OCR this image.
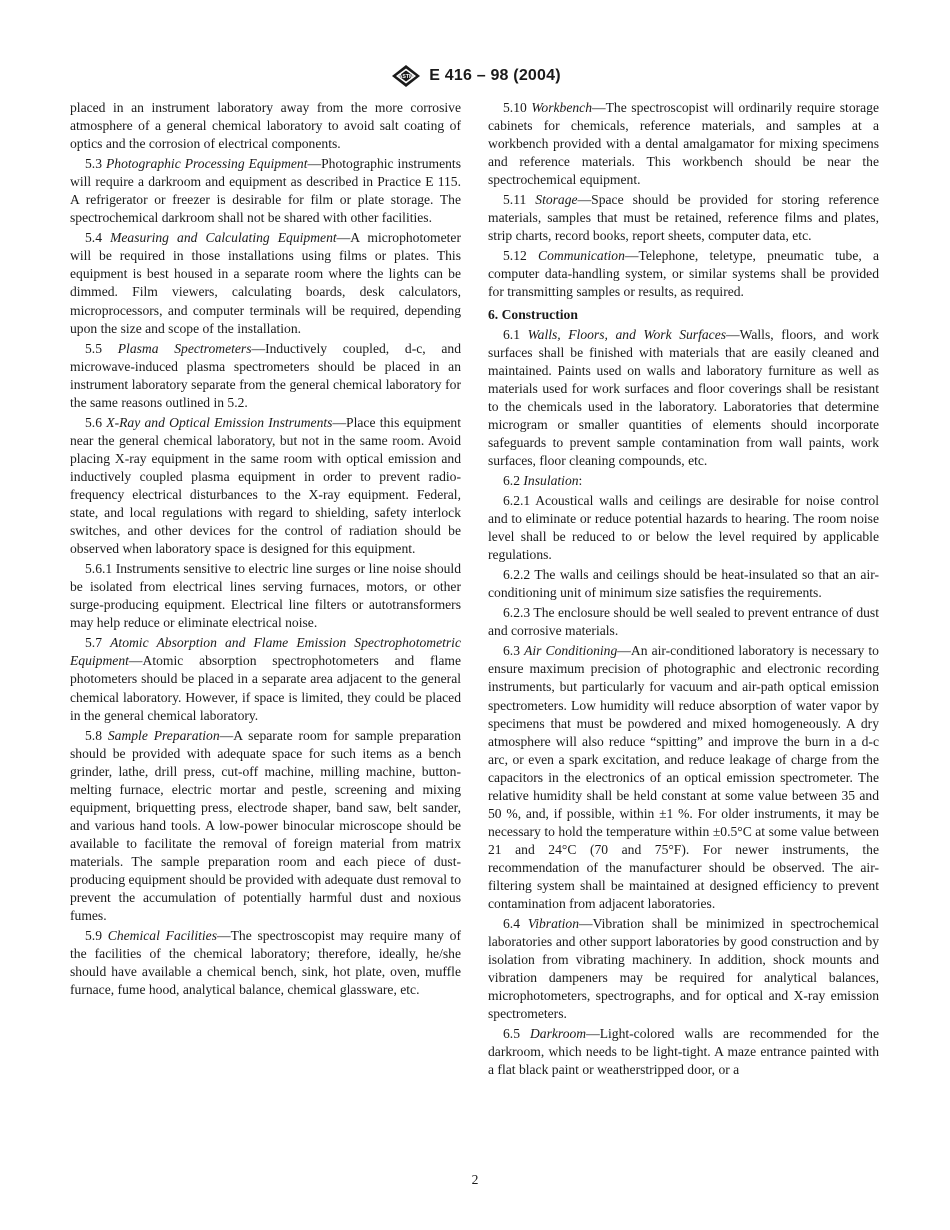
ASTM E 416 – 98 (2004)

placed in an instrument laboratory away from the more corrosive atmosphere of a general chemical laboratory to avoid salt coating of optics and the corrosion of electrical components.

5.3 Photographic Processing Equipment—Photographic instruments will require a darkroom and equipment as described in Practice E 115. A refrigerator or freezer is desirable for film or plate storage. The spectrochemical darkroom shall not be shared with other facilities.

5.4 Measuring and Calculating Equipment—A microphotometer will be required in those installations using films or plates. This equipment is best housed in a separate room where the lights can be dimmed. Film viewers, calculating boards, desk calculators, microprocessors, and computer terminals will be required, depending upon the size and scope of the installation.

5.5 Plasma Spectrometers—Inductively coupled, d-c, and microwave-induced plasma spectrometers should be placed in an instrument laboratory separate from the general chemical laboratory for the same reasons outlined in 5.2.

5.6 X-Ray and Optical Emission Instruments—Place this equipment near the general chemical laboratory, but not in the same room. Avoid placing X-ray equipment in the same room with optical emission and inductively coupled plasma equipment in order to prevent radio-frequency electrical disturbances to the X-ray equipment. Federal, state, and local regulations with regard to shielding, safety interlock switches, and other devices for the control of radiation should be observed when laboratory space is designed for this equipment.

5.6.1 Instruments sensitive to electric line surges or line noise should be isolated from electrical lines serving furnaces, motors, or other surge-producing equipment. Electrical line filters or autotransformers may help reduce or eliminate electrical noise.

5.7 Atomic Absorption and Flame Emission Spectrophotometric Equipment—Atomic absorption spectrophotometers and flame photometers should be placed in a separate area adjacent to the general chemical laboratory. However, if space is limited, they could be placed in the general chemical laboratory.

5.8 Sample Preparation—A separate room for sample preparation should be provided with adequate space for such items as a bench grinder, lathe, drill press, cut-off machine, milling machine, button-melting furnace, electric mortar and pestle, screening and mixing equipment, briquetting press, electrode shaper, band saw, belt sander, and various hand tools. A low-power binocular microscope should be available to facilitate the removal of foreign material from matrix materials. The sample preparation room and each piece of dust-producing equipment should be provided with adequate dust removal to prevent the accumulation of potentially harmful dust and noxious fumes.

5.9 Chemical Facilities—The spectroscopist may require many of the facilities of the chemical laboratory; therefore, ideally, he/she should have available a chemical bench, sink, hot plate, oven, muffle furnace, fume hood, analytical balance, chemical glassware, etc.

5.10 Workbench—The spectroscopist will ordinarily require storage cabinets for chemicals, reference materials, and samples at a workbench provided with a dental amalgamator for mixing specimens and reference materials. This workbench should be near the spectrochemical equipment.

5.11 Storage—Space should be provided for storing reference materials, samples that must be retained, reference films and plates, strip charts, record books, report sheets, computer data, etc.

5.12 Communication—Telephone, teletype, pneumatic tube, a computer data-handling system, or similar systems shall be provided for transmitting samples or results, as required.

6. Construction

6.1 Walls, Floors, and Work Surfaces—Walls, floors, and work surfaces shall be finished with materials that are easily cleaned and maintained. Paints used on walls and laboratory furniture as well as materials used for work surfaces and floor coverings shall be resistant to the chemicals used in the laboratory. Laboratories that determine microgram or smaller quantities of elements should incorporate safeguards to prevent sample contamination from wall paints, work surfaces, floor cleaning compounds, etc.

6.2 Insulation:

6.2.1 Acoustical walls and ceilings are desirable for noise control and to eliminate or reduce potential hazards to hearing. The room noise level shall be reduced to or below the level required by applicable regulations.

6.2.2 The walls and ceilings should be heat-insulated so that an air-conditioning unit of minimum size satisfies the requirements.

6.2.3 The enclosure should be well sealed to prevent entrance of dust and corrosive materials.

6.3 Air Conditioning—An air-conditioned laboratory is necessary to ensure maximum precision of photographic and electronic recording instruments, but particularly for vacuum and air-path optical emission spectrometers. Low humidity will reduce absorption of water vapor by specimens that must be powdered and mixed homogeneously. A dry atmosphere will also reduce “spitting” and improve the burn in a d-c arc, or even a spark excitation, and reduce leakage of charge from the capacitors in the electronics of an optical emission spectrometer. The relative humidity shall be held constant at some value between 35 and 50 %, and, if possible, within ±1 %. For older instruments, it may be necessary to hold the temperature within ±0.5°C at some value between 21 and 24°C (70 and 75°F). For newer instruments, the recommendation of the manufacturer should be observed. The air-filtering system shall be maintained at designed efficiency to prevent contamination from adjacent laboratories.

6.4 Vibration—Vibration shall be minimized in spectrochemical laboratories and other support laboratories by good construction and by isolation from vibrating machinery. In addition, shock mounts and vibration dampeners may be required for analytical balances, microphotometers, spectrographs, and for optical and X-ray emission spectrometers.

6.5 Darkroom—Light-colored walls are recommended for the darkroom, which needs to be light-tight. A maze entrance painted with a flat black paint or weatherstripped door, or a

2
